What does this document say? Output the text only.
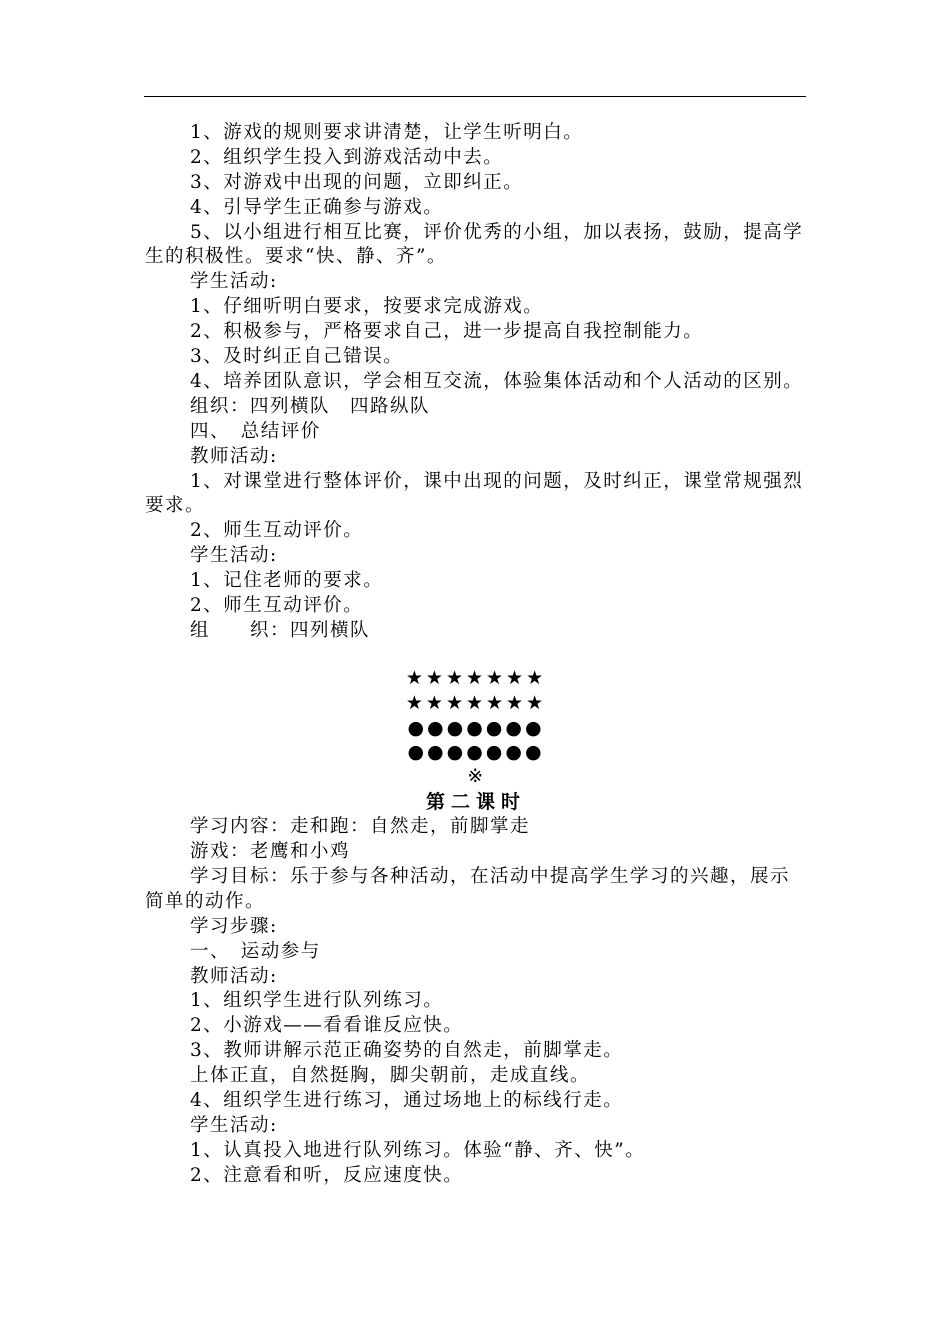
1、游戏的规则要求讲清楚，让学生听明白。
2、组织学生投入到游戏活动中去。
3、对游戏中出现的问题，立即纠正。
4、引导学生正确参与游戏。
5、以小组进行相互比赛，评价优秀的小组，加以表扬，鼓励，提高学生的积极性。要求“快、静、齐”。
学生活动:
1、仔细听明白要求，按要求完成游戏。
2、积极参与，严格要求自己，进一步提高自我控制能力。
3、及时纠正自己错误。
4、培养团队意识，学会相互交流，体验集体活动和个人活动的区别。
组织：四列横队　四路纵队
四、　总结评价
教师活动:
1、对课堂进行整体评价，课中出现的问题，及时纠正，课堂常规强烈要求。
2、师生互动评价。
学生活动:
1、记住老师的要求。
2、师生互动评价。
组　　织：四列横队
★★★★★★★
★★★★★★★
●●●●●●●
●●●●●●●
※
第二课时
学习内容：走和跑：自然走，前脚掌走
游戏：老鹰和小鸡
学习目标：乐于参与各种活动，在活动中提高学生学习的兴趣，展示简单的动作。
学习步骤:
一、　运动参与
教师活动:
1、组织学生进行队列练习。
2、小游戏——看看谁反应快。
3、教师讲解示范正确姿势的自然走，前脚掌走。
上体正直，自然挺胸，脚尖朝前，走成直线。
4、组织学生进行练习，通过场地上的标线行走。
学生活动:
1、认真投入地进行队列练习。体验“静、齐、快”。
2、注意看和听，反应速度快。
